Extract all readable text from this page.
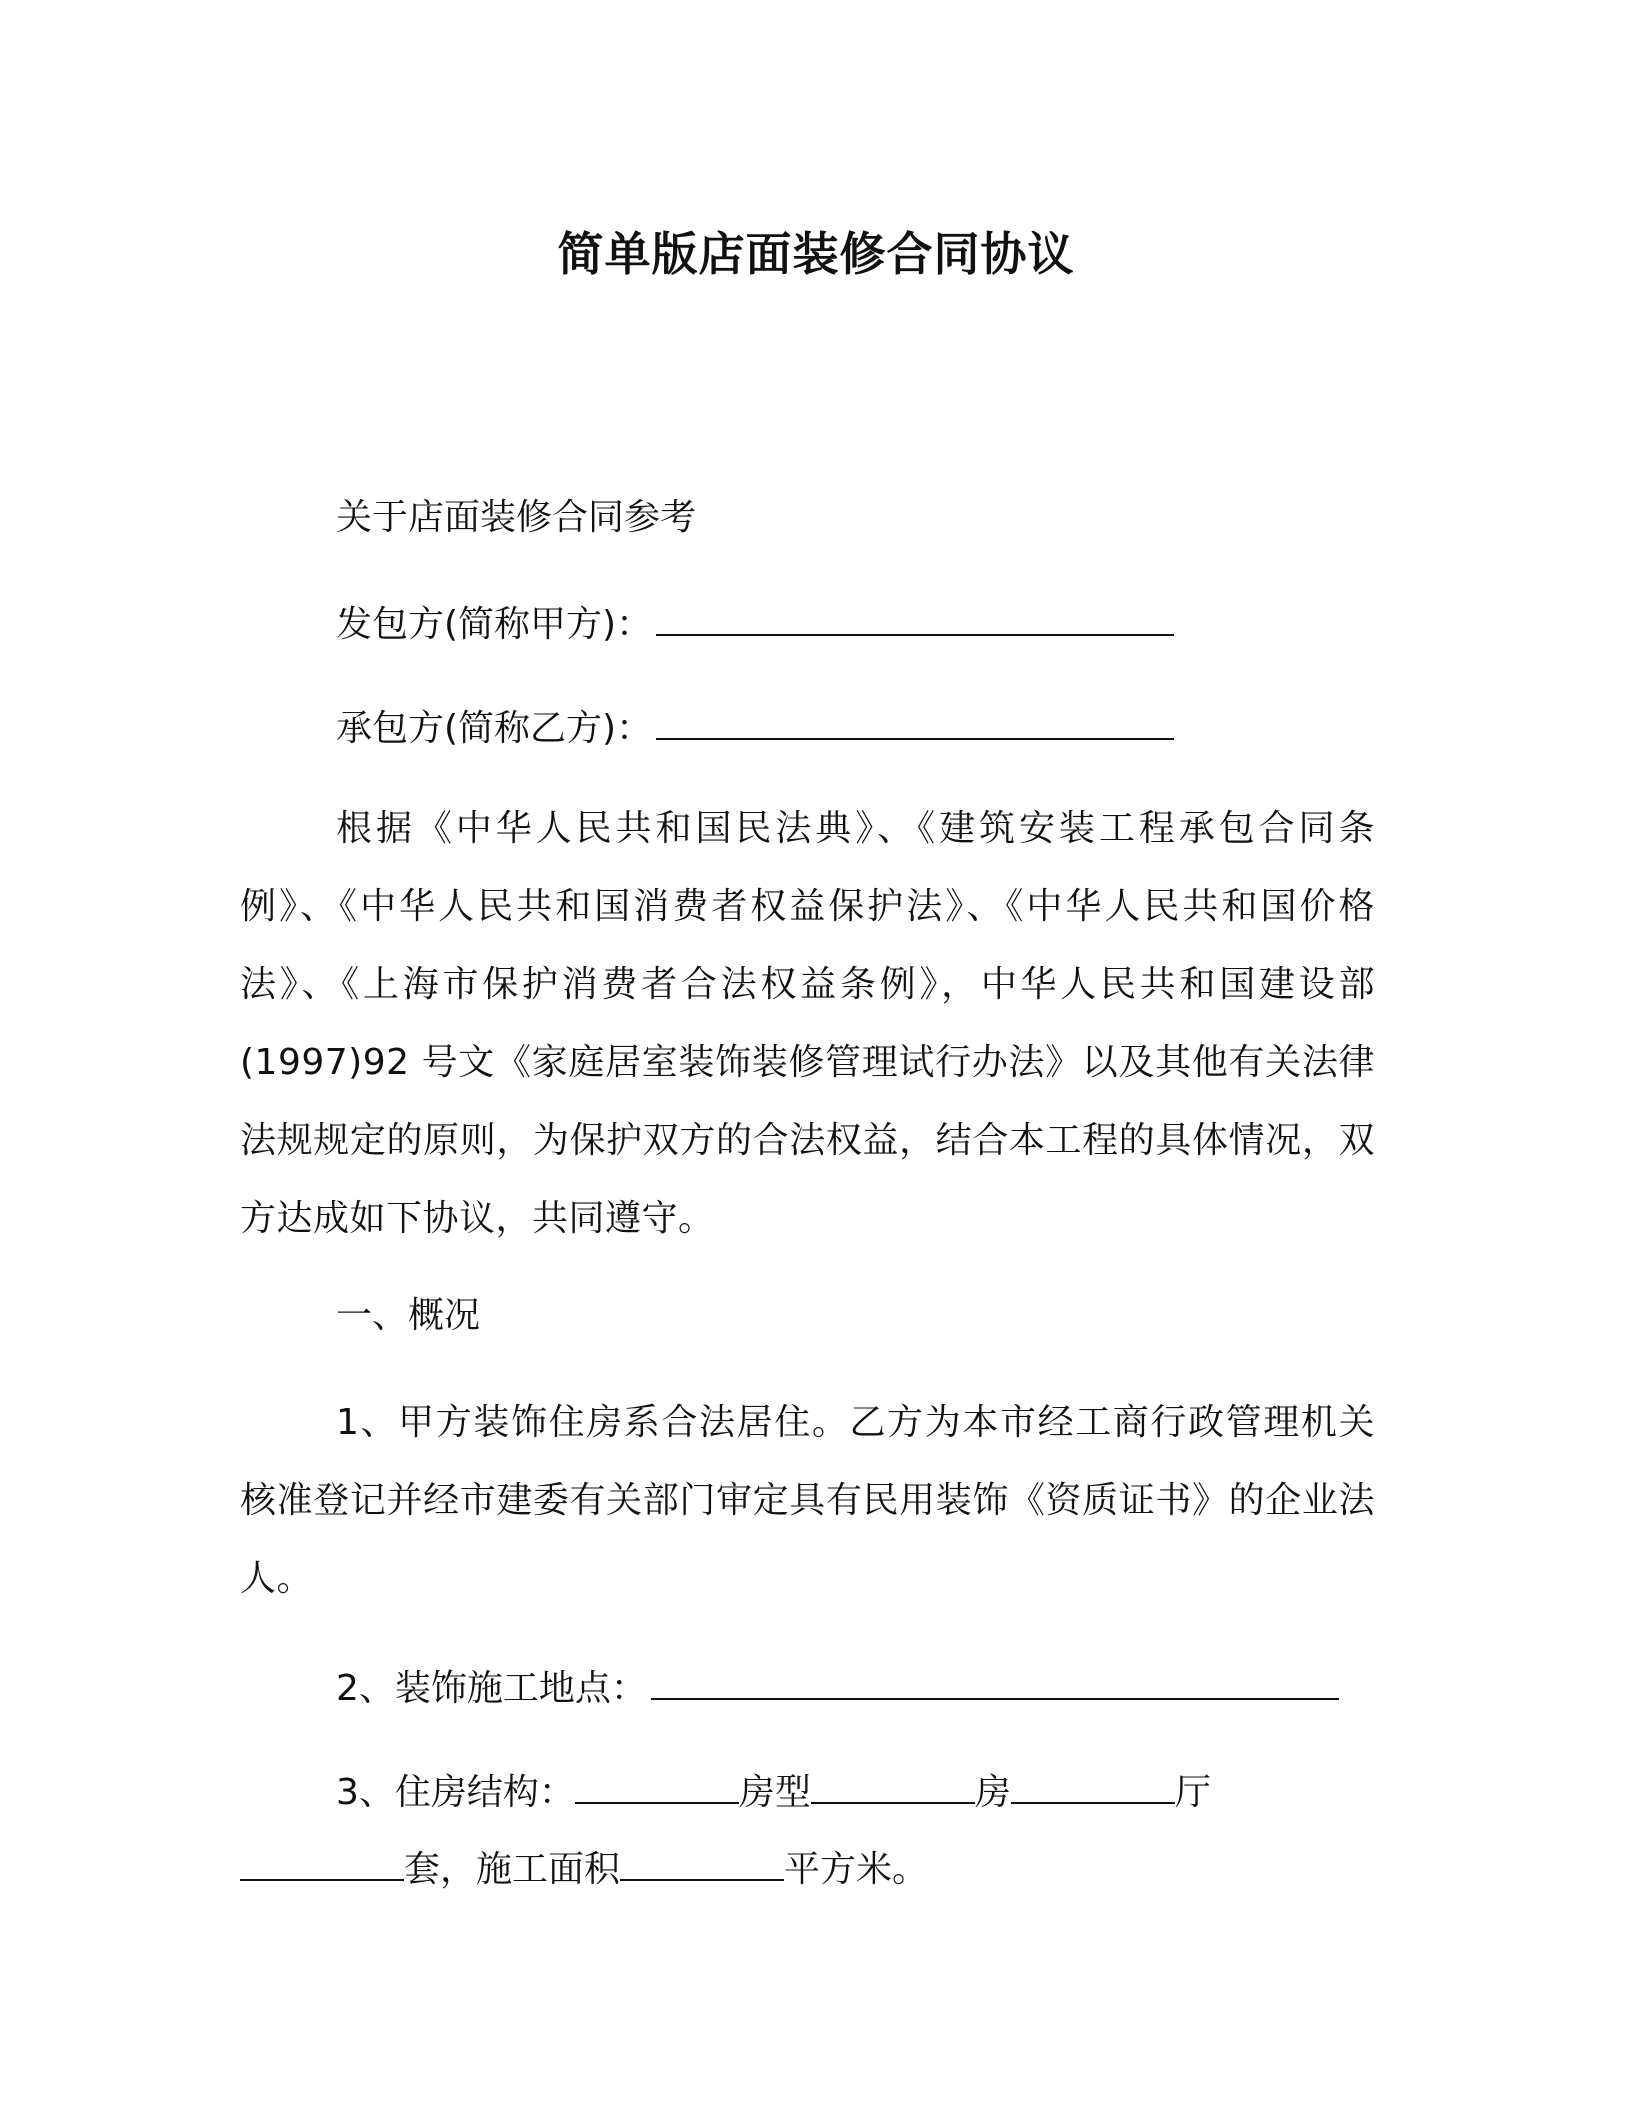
简单版店面装修合同协议

关于店面装修合同参考

发包方(简称甲方)：

承包方(简称乙方)：

根据《中华人民共和国民法典》、《建筑安装工程承包合同条例》、《中华人民共和国消费者权益保护法》、《中华人民共和国价格法》、《上海市保护消费者合法权益条例》，中华人民共和国建设部(1997)92 号文《家庭居室装饰装修管理试行办法》以及其他有关法律法规规定的原则，为保护双方的合法权益，结合本工程的具体情况，双方达成如下协议，共同遵守。

一、概况

1、甲方装饰住房系合法居住。乙方为本市经工商行政管理机关核准登记并经市建委有关部门审定具有民用装饰《资质证书》的企业法人。

2、装饰施工地点：

3、住房结构：	房型	房	厅

套，施工面积	平方米。
